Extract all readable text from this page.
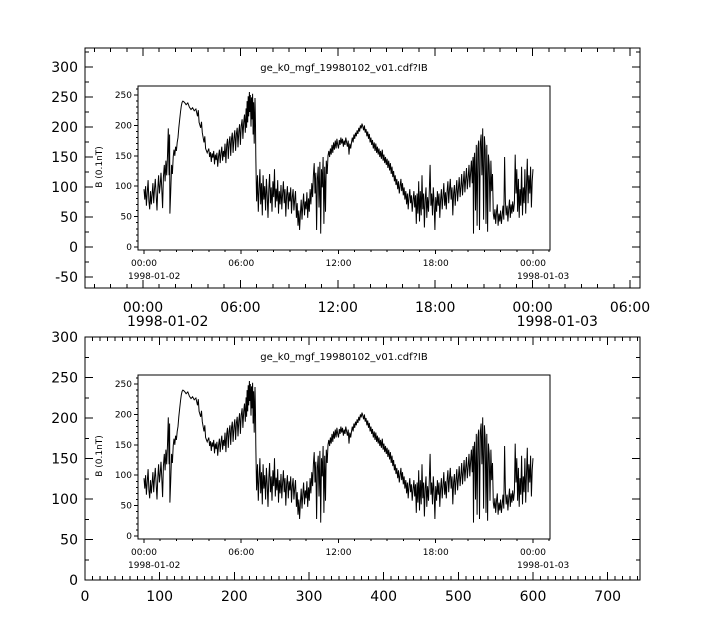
300
250
200
150
100
50
0
-50
00:00	06:00	12:00	18:00	00:00	06:00
1998-01-02	1998-01-03
300
250
200
150
100
50
0
0	100	200	300	400	500	600	700
0
50
100
150
200
250
00:00	06:00	12:00	18:00	00:00
1998-01-02	1998-01-03
0
50
100
150
200
250
00:00	06:00	12:00	18:00	00:00
1998-01-02	1998-01-03
ge_k0_mgf_19980102_v01.cdf?IB
ge_k0_mgf_19980102_v01.cdf?IB
B (0.1nT)
B (0.1nT)
